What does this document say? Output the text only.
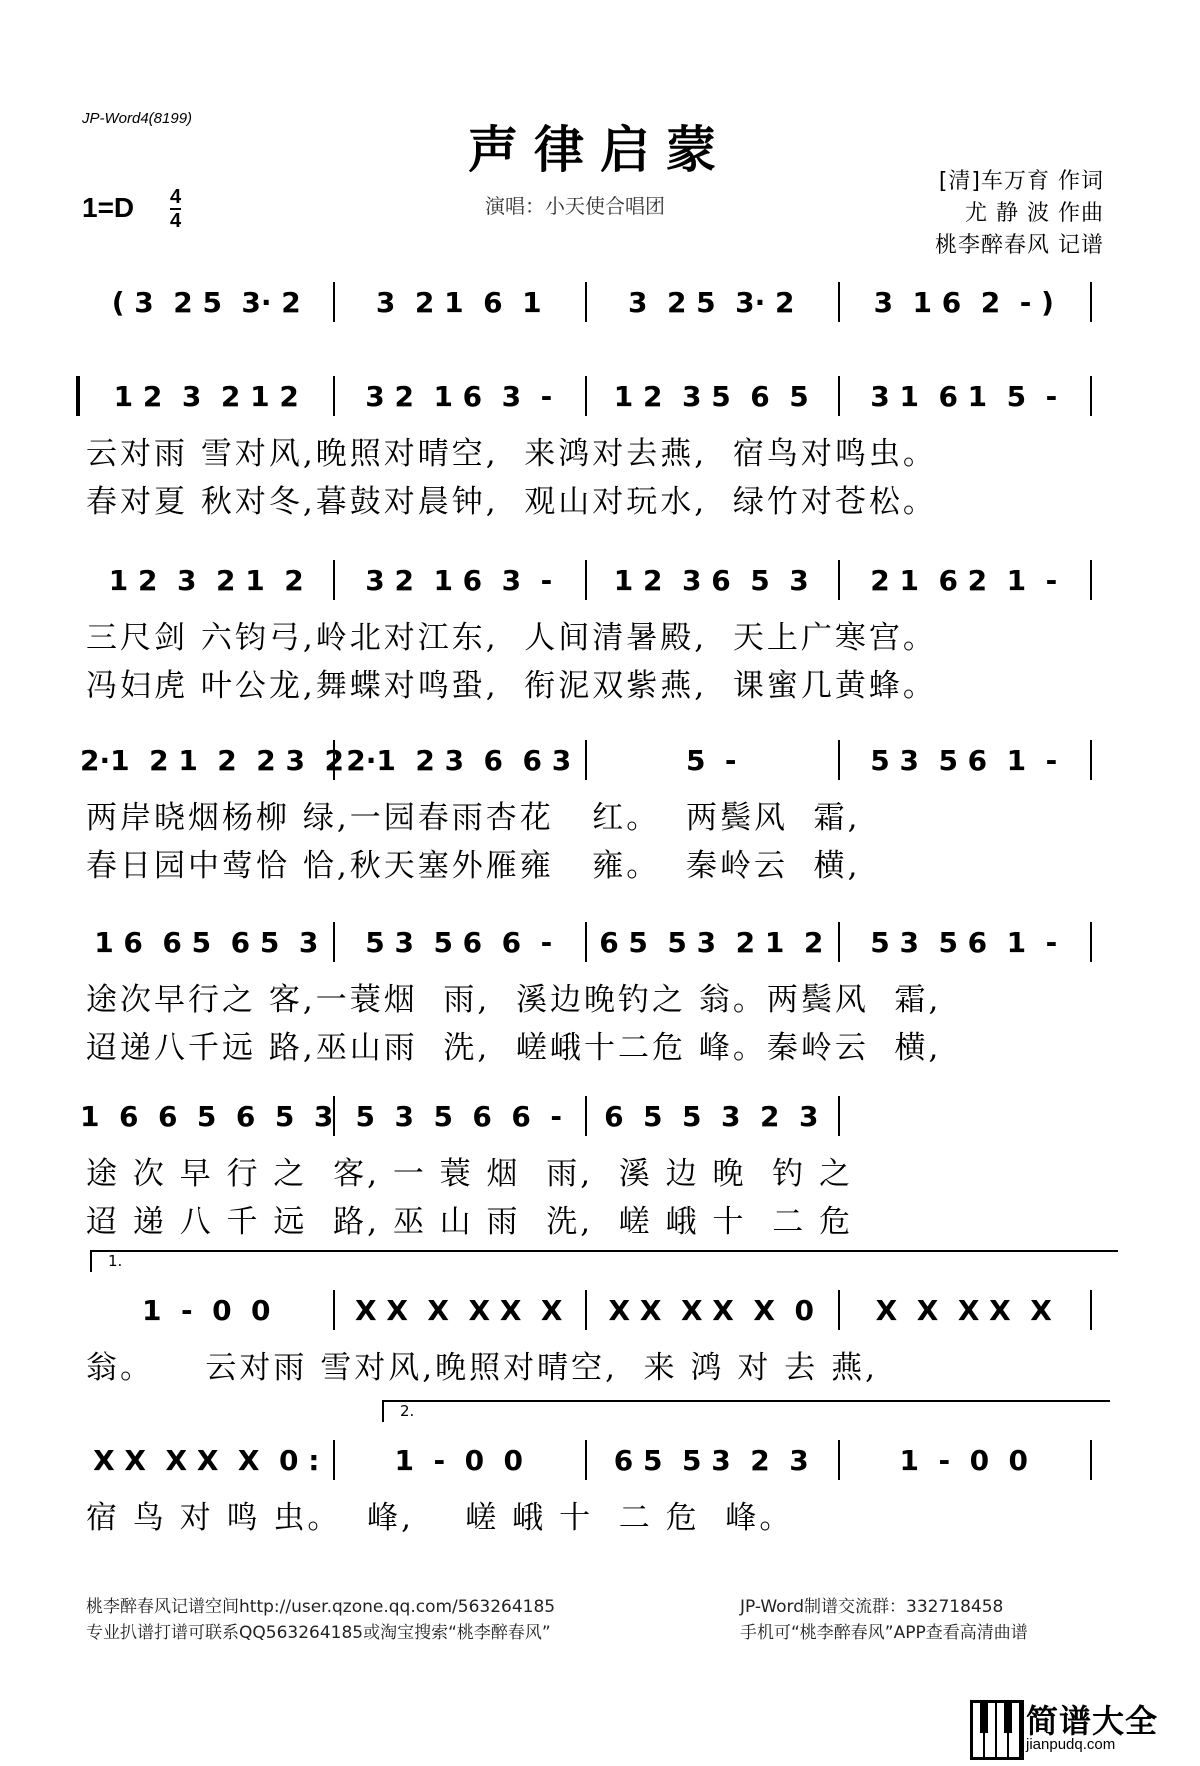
JP-Word4(8199)
声律启蒙
演唱：小天使合唱团
1=D 4
4
[清]车万育 作词
尤 静 波 作曲
桃李醉春风 记谱
( 3  2 5  3· 2	3  2 1  6  1	3  2 5  3· 2	3  1 6  2  - )
1 2  3  2 1 2 3 2  1 6  3  - 1 2  3 5  6  5 3 1  6 1  5  -
云对雨 雪对风,晚照对晴空,  来鸿对去燕,  宿鸟对鸣虫。
春对夏 秋对冬,暮鼓对晨钟,  观山对玩水,  绿竹对苍松。
1 2  3  2 1  2 3 2  1 6  3  - 1 2  3 6  5  3 2 1  6 2  1  -
三尺剑 六钧弓,岭北对江东,  人间清暑殿,  天上广寒宫。
冯妇虎 叶公龙,舞蝶对鸣蛩,  衔泥双紫燕,  课蜜几黄蜂。
2·1  2 1  2  2 3  2 2·1  2 3  6  6 3	5  -	5 3  5 6  1  -
两岸晓烟杨柳 绿,一园春雨杏花   红。  两鬓风  霜,
春日园中莺恰 恰,秋天塞外雁雍   雍。  秦岭云  横,
1 6  6 5  6 5  3 5 3  5 6  6  - 6 5  5 3  2 1  2 5 3  5 6  1  -
途次早行之 客,一蓑烟  雨,  溪边晚钓之 翁。两鬓风  霜,
迢递八千远 路,巫山雨  洗,  嵯峨十二危 峰。秦岭云  横,
1  6  6  5  6  5  3 5  3  5  6  6  - 6  5  5  3  2  3
途 次 早 行 之  客, 一 蓑 烟  雨,  溪 边 晚  钓 之
迢 递 八 千 远  路, 巫 山 雨  洗,  嵯 峨 十  二 危
1.
1  -  0  0	X X  X  X X  X X X  X X  X  0 X  X  X X  X
翁。    云对雨 雪对风,晚照对晴空,  来 鸿 对 去 燕,
2.
X X  X X  X  0 :	1  -  0  0	6 5  5 3  2  3	1  -  0  0
宿 鸟 对 鸣 虫。  峰,    嵯 峨 十  二 危  峰。
桃李醉春风记谱空间http://user.qzone.qq.com/563264185
专业扒谱打谱可联系QQ563264185或淘宝搜索“桃李醉春风”
JP-Word制谱交流群：332718458
手机可“桃李醉春风”APP查看高清曲谱
简谱大全
jianpudq.com
